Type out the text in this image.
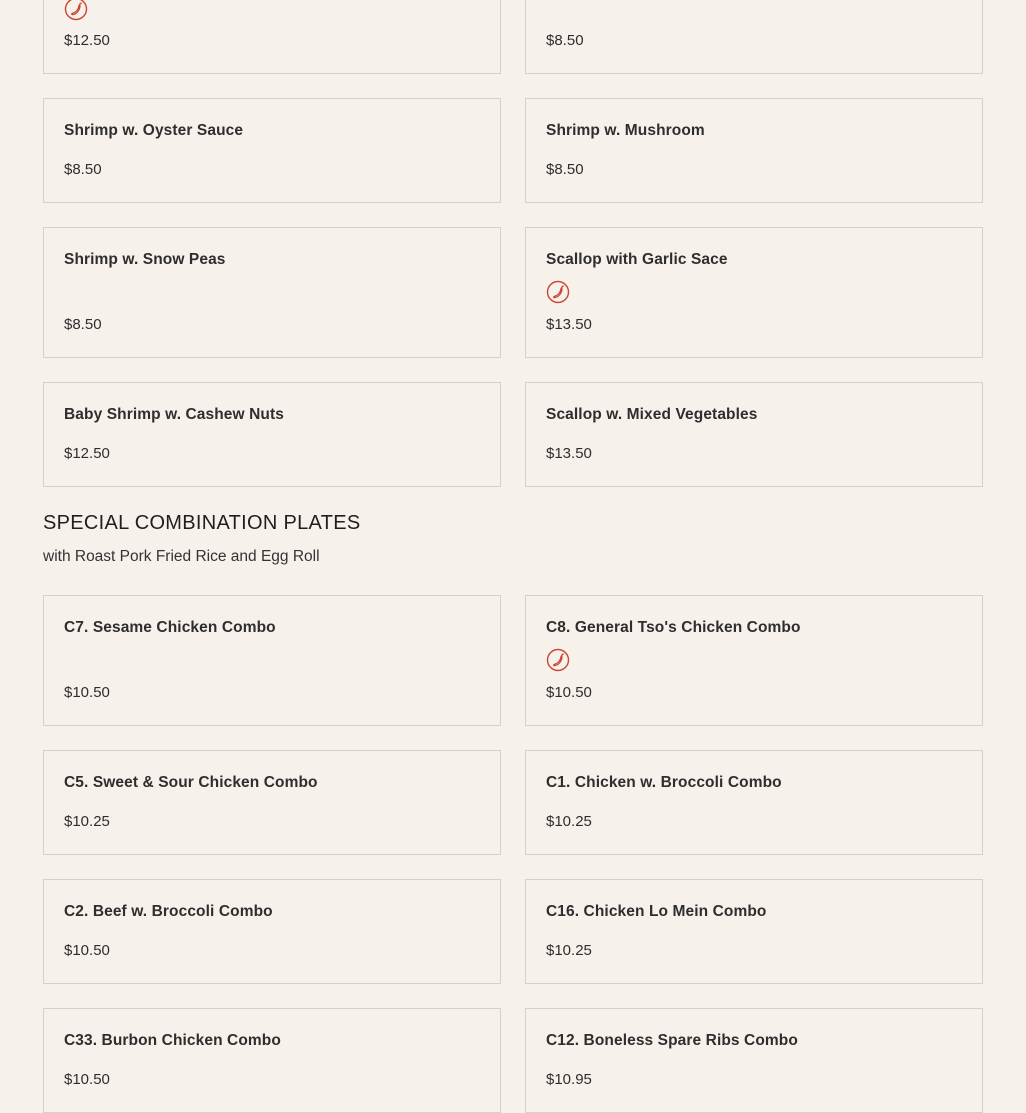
$12.50	$8.50
Shrimp w. Oyster Sauce
$8.50
Shrimp w. Mushroom
$8.50
Shrimp w. Snow Peas
$8.50
Scallop with Garlic Sace
$13.50
Baby Shrimp w. Cashew Nuts
$12.50
Scallop w. Mixed Vegetables
$13.50
SPECIAL COMBINATION PLATES
with Roast Pork Fried Rice and Egg Roll
C7. Sesame Chicken Combo
$10.50
C8. General Tso's Chicken Combo
$10.50
C5. Sweet & Sour Chicken Combo
$10.25
C1. Chicken w. Broccoli Combo
$10.25
C2. Beef w. Broccoli Combo
$10.50
C16. Chicken Lo Mein Combo
$10.25
C33. Burbon Chicken Combo
$10.50
C12. Boneless Spare Ribs Combo
$10.95
